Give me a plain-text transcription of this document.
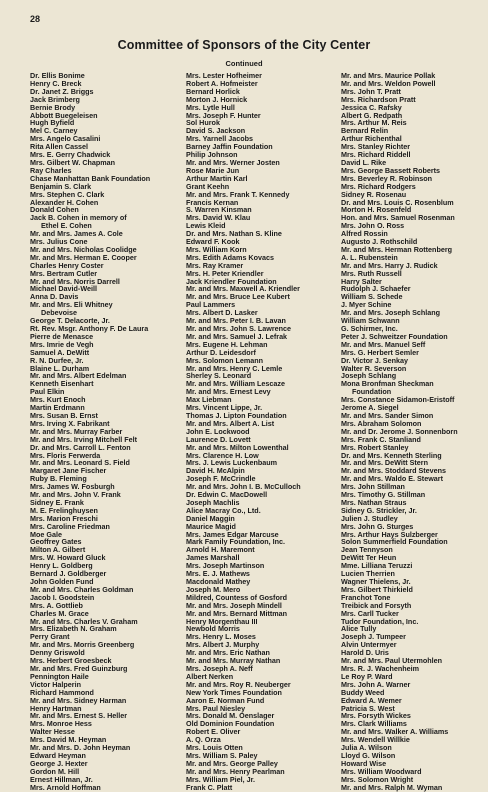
28
Committee of Sponsors of the City Center
Continued
Dr. Ellis Bonime
Henry C. Breck
Dr. Janet Z. Briggs
Jack Brimberg
Bernie Brody
Abbott Buegeleisen
Hugh Byfield
Mel C. Carney
Mrs. Angelo Casalini
Rita Allen Cassel
Mrs. E. Gerry Chadwick
Mrs. Gilbert W. Chapman
Ray Charles
Chase Manhattan Bank Foundation
Benjamin S. Clark
Mrs. Stephen C. Clark
Alexander H. Cohen
Donald Cohen
Jack B. Cohen in memory of
Ethel E. Cohen
Mr. and Mrs. James A. Cole
Mrs. Julius Cone
Mr. and Mrs. Nicholas Coolidge
Mr. and Mrs. Herman E. Cooper
Charles Henry Coster
Mrs. Bertram Cutler
Mr. and Mrs. Norris Darrell
Michael David-Weill
Anna D. Davis
Mr. and Mrs. Eli Whitney
Debevoise
George T. Delacorte, Jr.
Rt. Rev. Msgr. Anthony F. De Laura
Pierre de Menasce
Mrs. Imrie de Vegh
Samuel A. DeWitt
R. N. Durfee, Jr.
Blaine L. Durham
Mr. and Mrs. Albert Edelman
Kenneth Eisenhart
Paul Elkin
Mrs. Kurt Enoch
Martin Erdmann
Mrs. Susan B. Ernst
Mrs. Irving X. Fabrikant
Mr. and Mrs. Murray Farber
Mr. and Mrs. Irving Mitchell Felt
Dr. and Mrs. Carroll L. Fenton
Mrs. Floris Ferwerda
Mr. and Mrs. Leonard S. Field
Margaret Jane Fischer
Ruby B. Fleming
Mrs. James W. Fosburgh
Mr. and Mrs. John V. Frank
Sidney E. Frank
M. E. Frelinghuysen
Mrs. Marion Freschi
Mrs. Caroline Friedman
Moe Gale
Geoffrey Gates
Milton A. Gilbert
Mrs. W. Howard Gluck
Henry L. Goldberg
Bernard J. Goldberger
John Golden Fund
Mr. and Mrs. Charles Goldman
Jacob I. Goodstein
Mrs. A. Gottlieb
Charles M. Grace
Mr. and Mrs. Charles V. Graham
Mrs. Elizabeth N. Graham
Perry Grant
Mr. and Mrs. Morris Greenberg
Denny Griswold
Mrs. Herbert Groesbeck
Mr. and Mrs. Fred Guinzburg
Pennington Haile
Victor Halperin
Richard Hammond
Mr. and Mrs. Sidney Harman
Henry Hartman
Mr. and Mrs. Ernest S. Heller
Mrs. Monroe Hess
Walter Hesse
Mrs. David M. Heyman
Mr. and Mrs. D. John Heyman
Edward Heyman
George J. Hexter
Gordon M. Hill
Ernest Hillman, Jr.
Mrs. Arnold Hoffman
Mrs. Lester Hofheimer
Robert A. Hofmeister
Bernard Horlick
Morton J. Hornick
Mrs. Lytle Hull
Mrs. Joseph F. Hunter
Sol Hurok
David S. Jackson
Mrs. Yarnell Jacobs
Barney Jaffin Foundation
Philip Johnson
Mr. and Mrs. Werner Josten
Rose Marie Jun
Arthur Martin Karl
Grant Keehn
Mr. and Mrs. Frank T. Kennedy
Francis Kernan
S. Warren Kinsman
Mrs. David W. Klau
Lewis Kleid
Dr. and Mrs. Nathan S. Kline
Edward F. Kook
Mrs. William Korn
Mrs. Edith Adams Kovacs
Mrs. Ray Kramer
Mrs. H. Peter Kriendler
Jack Kriendler Foundation
Mr. and Mrs. Maxwell A. Kriendler
Mr. and Mrs. Bruce Lee Kubert
Paul Lammers
Mrs. Albert D. Lasker
Mr. and Mrs. Peter I. B. Lavan
Mr. and Mrs. John S. Lawrence
Mr. and Mrs. Samuel J. Lefrak
Mrs. Eugene H. Lehman
Arthur D. Leidesdorf
Mrs. Solomon Lemann
Mr. and Mrs. Henry C. Lemle
Sherley S. Leonard
Mr. and Mrs. William Lescaze
Mr. and Mrs. Ernest Levy
Max Liebman
Mrs. Vincent Lippe, Jr.
Thomas J. Lipton Foundation
Mr. and Mrs. Albert A. List
John E. Lockwood
Laurence D. Lovett
Mr. and Mrs. Milton Lowenthal
Mrs. Clarence H. Low
Mrs. J. Lewis Luckenbaum
David H. McAlpin
Joseph F. McCrindle
Mr. and Mrs. John I. B. McCulloch
Dr. Edwin C. MacDowell
Joseph Machlis
Alice Macray Co., Ltd.
Daniel Maggin
Maurice Magid
Mrs. James Edgar Marcuse
Mark Family Foundation, Inc.
Arnold H. Maremont
James Marshall
Mrs. Joseph Martinson
Mrs. E. J. Mathews
Macdonald Mathey
Joseph M. Mero
Mildred, Countess of Gosford
Mr. and Mrs. Joseph Mindell
Mr. and Mrs. Bernard Mittman
Henry Morgenthau III
Newbold Morris
Mrs. Henry L. Moses
Mrs. Albert J. Murphy
Mr. and Mrs. Eric Nathan
Mr. and Mrs. Murray Nathan
Mrs. Joseph A. Neff
Albert Nerken
Mr. and Mrs. Roy R. Neuberger
New York Times Foundation
Aaron E. Norman Fund
Mrs. Paul Niesley
Mrs. Donald M. Oenslager
Old Dominion Foundation
Robert E. Oliver
A. Q. Orza
Mrs. Louis Otten
Mrs. William S. Paley
Mr. and Mrs. George Palley
Mr. and Mrs. Henry Pearlman
Mrs. William Piel, Jr.
Frank C. Platt
Mr. and Mrs. Maurice Pollak
Mr. and Mrs. Weldon Powell
Mrs. John T. Pratt
Mrs. Richardson Pratt
Jessica C. Rafsky
Albert G. Redpath
Mrs. Arthur M. Reis
Bernard Relin
Arthur Richenthal
Mrs. Stanley Richter
Mrs. Richard Riddell
David L. Rike
Mrs. George Bassett Roberts
Mrs. Beverley R. Robinson
Mrs. Richard Rodgers
Sidney R. Rosenau
Dr. and Mrs. Louis C. Rosenblum
Morton H. Rosenfeld
Hon. and Mrs. Samuel Rosenman
Mrs. John O. Ross
Alfred Rossin
Augusto J. Rothschild
Mr. and Mrs. Herman Rottenberg
A. L. Rubenstein
Mr. and Mrs. Harry J. Rudick
Mrs. Ruth Russell
Harry Salter
Rudolph J. Schaefer
William S. Schede
J. Myer Schine
Mr. and Mrs. Joseph Schlang
William Schwann
G. Schirmer, Inc.
Peter J. Schweitzer Foundation
Mr. and Mrs. Manuel Seff
Mrs. G. Herbert Semler
Dr. Victor J. Senkay
Walter R. Severson
Joseph Schlang
Mona Bronfman Sheckman
Foundation
Mrs. Constance Sidamon-Eristoff
Jerome A. Siegel
Mr. and Mrs. Sander Simon
Mrs. Abraham Solomon
Mr. and Dr. Jerome J. Sonnenborn
Mrs. Frank C. Stanliand
Mrs. Robert Stanley
Dr. and Mrs. Kenneth Sterling
Mr. and Mrs. DeWitt Stern
Mr. and Mrs. Stoddard Stevens
Mr. and Mrs. Waldo E. Stewart
Mrs. John Stillman
Mrs. Timothy G. Stillman
Mrs. Nathan Straus
Sidney G. Strickler, Jr.
Julien J. Studley
Mrs. John G. Sturges
Mrs. Arthur Hays Sulzberger
Solon Summerfield Foundation
Jean Tennyson
DeWitt Ter Heun
Mme. Lilliana Teruzzi
Lucien Therrien
Wagner Thielens, Jr.
Mrs. Gilbert Thirkield
Franchot Tone
Treibick and Forsyth
Mrs. Carll Tucker
Tudor Foundation, Inc.
Alice Tully
Joseph J. Tumpeer
Alvin Untermyer
Harold D. Uris
Mr. and Mrs. Paul Utermohlen
Mrs. R. J. Wachenheim
Le Roy P. Ward
Mrs. John A. Warner
Buddy Weed
Edward A. Wemer
Patricia S. West
Mrs. Forsyth Wickes
Mrs. Clark Williams
Mr. and Mrs. Walker A. Williams
Mrs. Wendell Willkie
Julia A. Wilson
Lloyd G. Wilson
Howard Wise
Mrs. William Woodward
Mrs. Solomon Wright
Mr. and Mrs. Ralph M. Wyman
